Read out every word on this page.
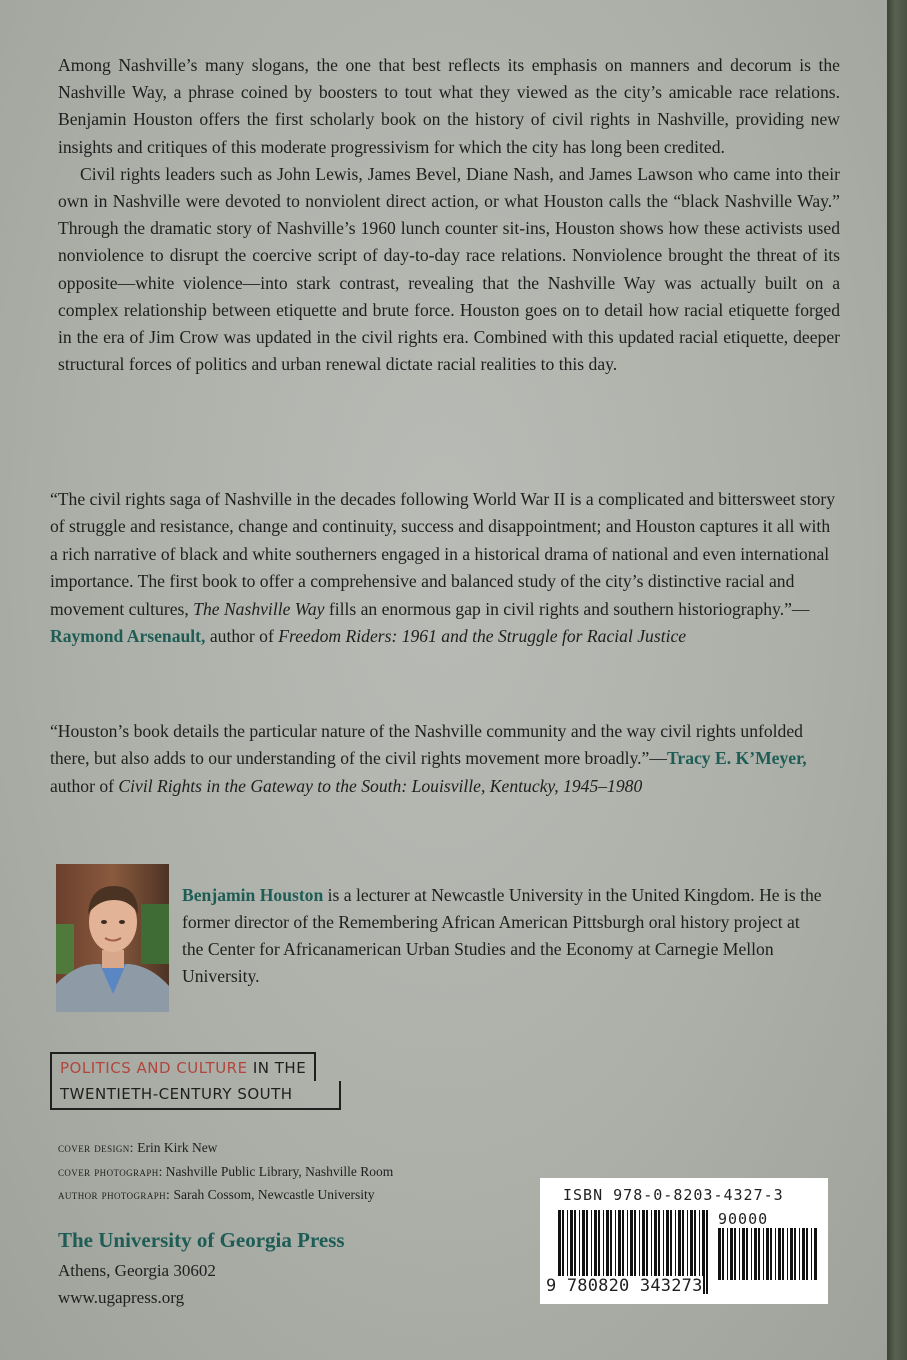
Among Nashville’s many slogans, the one that best reflects its emphasis on manners and decorum is the Nashville Way, a phrase coined by boosters to tout what they viewed as the city’s amicable race relations. Benjamin Houston offers the first scholarly book on the history of civil rights in Nashville, providing new insights and critiques of this moderate progressivism for which the city has long been credited.

Civil rights leaders such as John Lewis, James Bevel, Diane Nash, and James Lawson who came into their own in Nashville were devoted to nonviolent direct action, or what Houston calls the “black Nashville Way.” Through the dramatic story of Nashville’s 1960 lunch counter sit-ins, Houston shows how these activists used nonviolence to disrupt the coercive script of day-to-day race relations. Nonviolence brought the threat of its opposite—white violence—into stark contrast, revealing that the Nashville Way was actually built on a complex relationship between etiquette and brute force. Houston goes on to detail how racial etiquette forged in the era of Jim Crow was updated in the civil rights era. Combined with this updated racial etiquette, deeper structural forces of politics and urban renewal dictate racial realities to this day.

“The civil rights saga of Nashville in the decades following World War II is a complicated and bittersweet story of struggle and resistance, change and continuity, success and disappointment; and Houston captures it all with a rich narrative of black and white southerners engaged in a historical drama of national and even international importance. The first book to offer a comprehensive and balanced study of the city’s distinctive racial and movement cultures, The Nashville Way fills an enormous gap in civil rights and southern historiography.”—Raymond Arsenault, author of Freedom Riders: 1961 and the Struggle for Racial Justice

“Houston’s book details the particular nature of the Nashville community and the way civil rights unfolded there, but also adds to our understanding of the civil rights movement more broadly.”—Tracy E. K’Meyer, author of Civil Rights in the Gateway to the South: Louisville, Kentucky, 1945–1980

Benjamin Houston is a lecturer at Newcastle University in the United Kingdom. He is the former director of the Remembering African American Pittsburgh oral history project at the Center for Africanamerican Urban Studies and the Economy at Carnegie Mellon University.

POLITICS AND CULTURE IN THE
TWENTIETH-CENTURY SOUTH
cover design: Erin Kirk New
cover photograph: Nashville Public Library, Nashville Room
author photograph: Sarah Cossom, Newcastle University
The University of Georgia Press
Athens, Georgia 30602
www.ugapress.org
ISBN 978-0-8203-4327-3
90000
9 780820 343273
